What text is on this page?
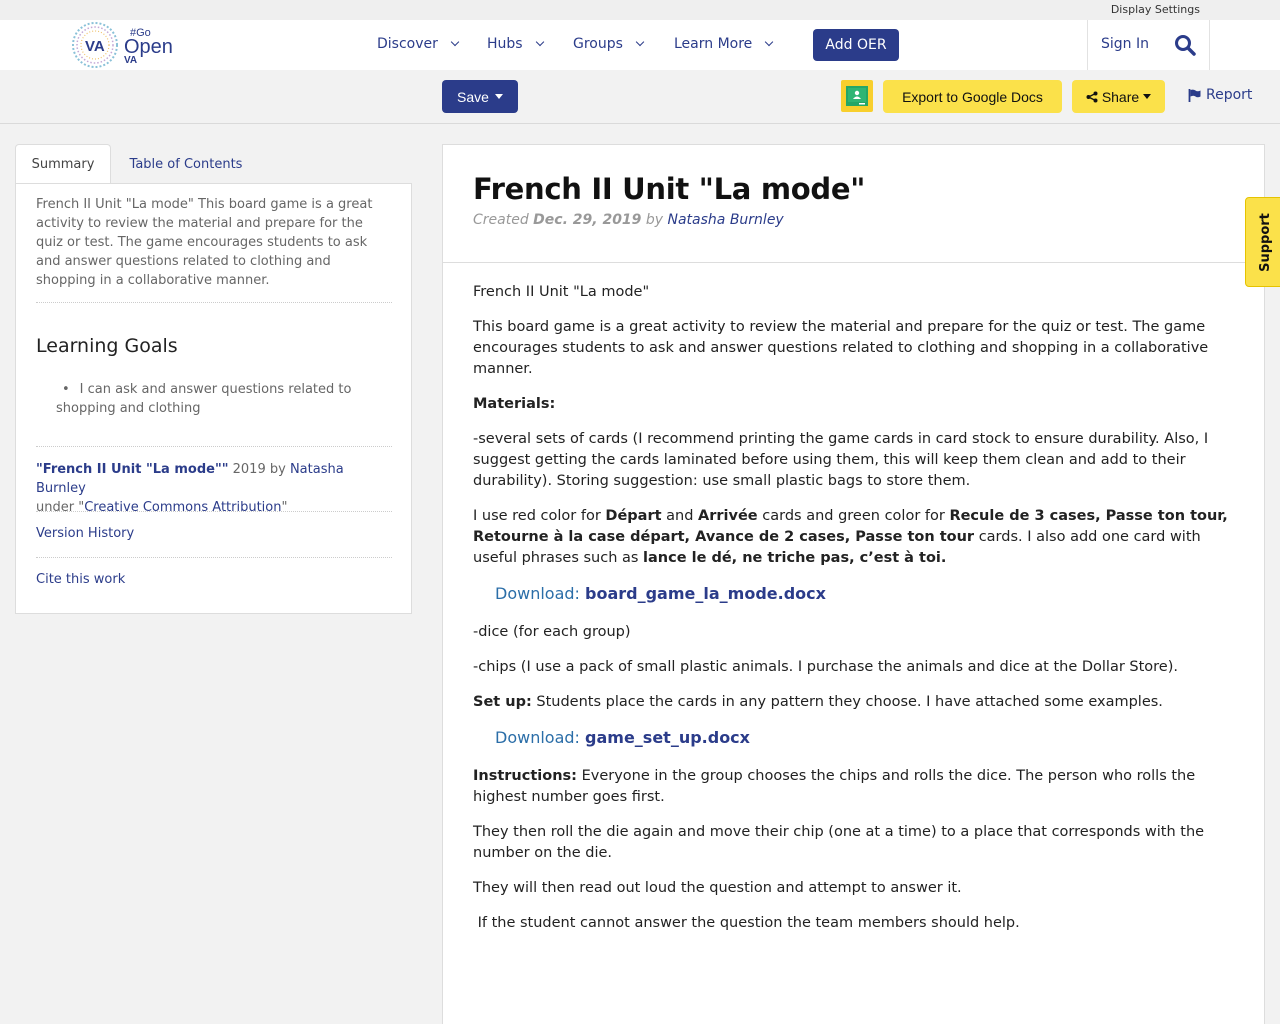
Display Settings
VA
#Go
Open
VA
Discover	Hubs	Groups	Learn More	Add OER	Sign In
Save	Export to Google Docs	Share	Report
Summary	Table of Contents

French II Unit "La mode" This board game is a great activity to review the material and prepare for the quiz or test. The game encourages students to ask and answer questions related to clothing and shopping in a collaborative manner.

Learning Goals
• I can ask and answer questions related to shopping and clothing
"French II Unit "La mode"" 2019 by Natasha Burnley
under "Creative Commons Attribution"
Version History
Cite this work
French II Unit "La mode"
Created Dec. 29, 2019 by Natasha Burnley

French II Unit "La mode"

This board game is a great activity to review the material and prepare for the quiz or test. The game encourages students to ask and answer questions related to clothing and shopping in a collaborative manner.

Materials:

-several sets of cards (I recommend printing the game cards in card stock to ensure durability. Also, I suggest getting the cards laminated before using them, this will keep them clean and add to their durability). Storing suggestion: use small plastic bags to store them.

I use red color for Départ and Arrivée cards and green color for Recule de 3 cases, Passe ton tour, Retourne à la case départ, Avance de 2 cases, Passe ton tour cards. I also add one card with useful phrases such as lance le dé, ne triche pas, c’est à toi.

Download: board_game_la_mode.docx

-dice (for each group)

-chips (I use a pack of small plastic animals. I purchase the animals and dice at the Dollar Store).

Set up: Students place the cards in any pattern they choose. I have attached some examples.

Download: game_set_up.docx

Instructions: Everyone in the group chooses the chips and rolls the dice. The person who rolls the highest number goes first.

They then roll the die again and move their chip (one at a time) to a place that corresponds with the number on the die.

They will then read out loud the question and attempt to answer it.

If the student cannot answer the question the team members should help.

Support
